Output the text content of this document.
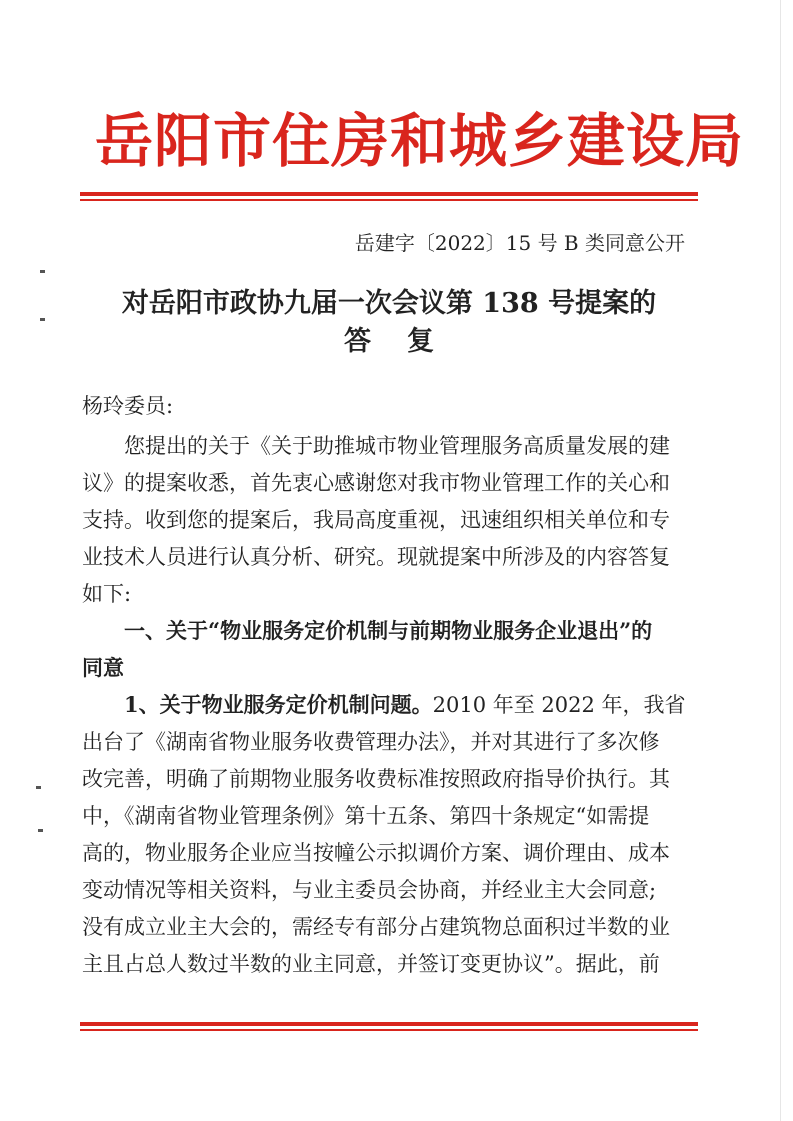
岳阳市住房和城乡建设局
岳建字〔2022〕15 号 B 类同意公开
对岳阳市政协九届一次会议第 138 号提案的
答复
杨玲委员:
您提出的关于《关于助推城市物业管理服务高质量发展的建
议》的提案收悉，首先衷心感谢您对我市物业管理工作的关心和
支持。收到您的提案后，我局高度重视，迅速组织相关单位和专
业技术人员进行认真分析、研究。现就提案中所涉及的内容答复
如下:
一、关于“物业服务定价机制与前期物业服务企业退出”的
同意
1、关于物业服务定价机制问题。2010 年至 2022 年，我省
出台了《湖南省物业服务收费管理办法》，并对其进行了多次修
改完善，明确了前期物业服务收费标准按照政府指导价执行。其
中，《湖南省物业管理条例》第十五条、第四十条规定“如需提
高的，物业服务企业应当按幢公示拟调价方案、调价理由、成本
变动情况等相关资料，与业主委员会协商，并经业主大会同意;
没有成立业主大会的，需经专有部分占建筑物总面积过半数的业
主且占总人数过半数的业主同意，并签订变更协议”。据此，前
